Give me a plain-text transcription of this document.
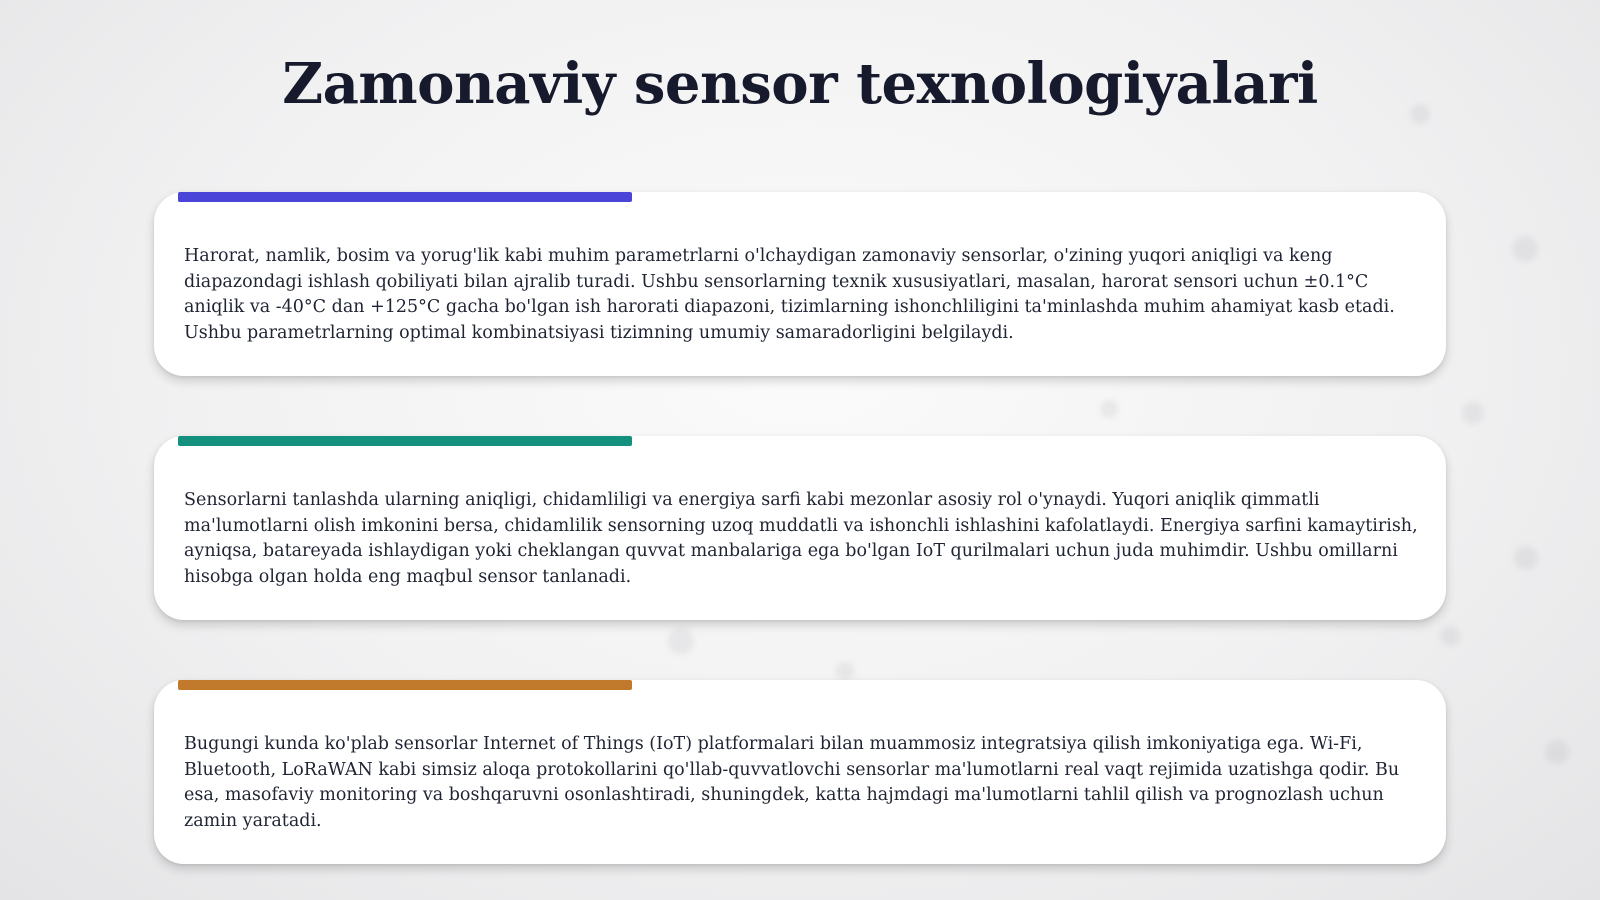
Zamonaviy sensor texnologiyalari

Harorat, namlik, bosim va yorug'lik kabi muhim parametrlarni o'lchaydigan zamonaviy sensorlar, o'zining yuqori aniqligi va keng diapazondagi ishlash qobiliyati bilan ajralib turadi. Ushbu sensorlarning texnik xususiyatlari, masalan, harorat sensori uchun ±0.1°C aniqlik va -40°C dan +125°C gacha bo'lgan ish harorati diapazoni, tizimlarning ishonchliligini ta'minlashda muhim ahamiyat kasb etadi. Ushbu parametrlarning optimal kombinatsiyasi tizimning umumiy samaradorligini belgilaydi.

Sensorlarni tanlashda ularning aniqligi, chidamliligi va energiya sarfi kabi mezonlar asosiy rol o'ynaydi. Yuqori aniqlik qimmatli ma'lumotlarni olish imkonini bersa, chidamlilik sensorning uzoq muddatli va ishonchli ishlashini kafolatlaydi. Energiya sarfini kamaytirish, ayniqsa, batareyada ishlaydigan yoki cheklangan quvvat manbalariga ega bo'lgan IoT qurilmalari uchun juda muhimdir. Ushbu omillarni hisobga olgan holda eng maqbul sensor tanlanadi.

Bugungi kunda ko'plab sensorlar Internet of Things (IoT) platformalari bilan muammosiz integratsiya qilish imkoniyatiga ega. Wi-Fi, Bluetooth, LoRaWAN kabi simsiz aloqa protokollarini qo'llab-quvvatlovchi sensorlar ma'lumotlarni real vaqt rejimida uzatishga qodir. Bu esa, masofaviy monitoring va boshqaruvni osonlashtiradi, shuningdek, katta hajmdagi ma'lumotlarni tahlil qilish va prognozlash uchun zamin yaratadi.
